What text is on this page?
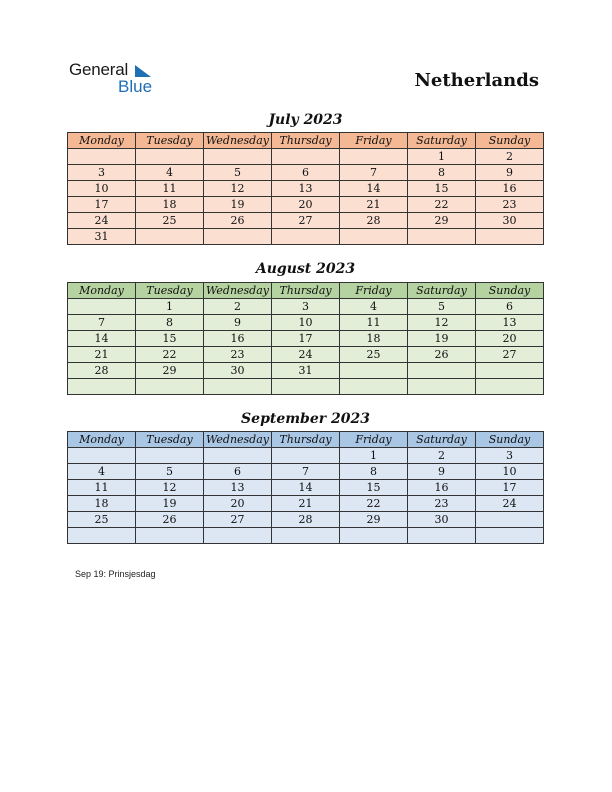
General
Blue	Netherlands
July 2023
Monday	Tuesday	Wednesday	Thursday	Friday	Saturday	Sunday
					1	2
3	4	5	6	7	8	9
10	11	12	13	14	15	16
17	18	19	20	21	22	23
24	25	26	27	28	29	30
31						
August 2023
Monday	Tuesday	Wednesday	Thursday	Friday	Saturday	Sunday
	1	2	3	4	5	6
7	8	9	10	11	12	13
14	15	16	17	18	19	20
21	22	23	24	25	26	27
28	29	30	31			

September 2023
Monday	Tuesday	Wednesday	Thursday	Friday	Saturday	Sunday
				1	2	3
4	5	6	7	8	9	10
11	12	13	14	15	16	17
18	19	20	21	22	23	24
25	26	27	28	29	30	

Sep 19: Prinsjesdag
